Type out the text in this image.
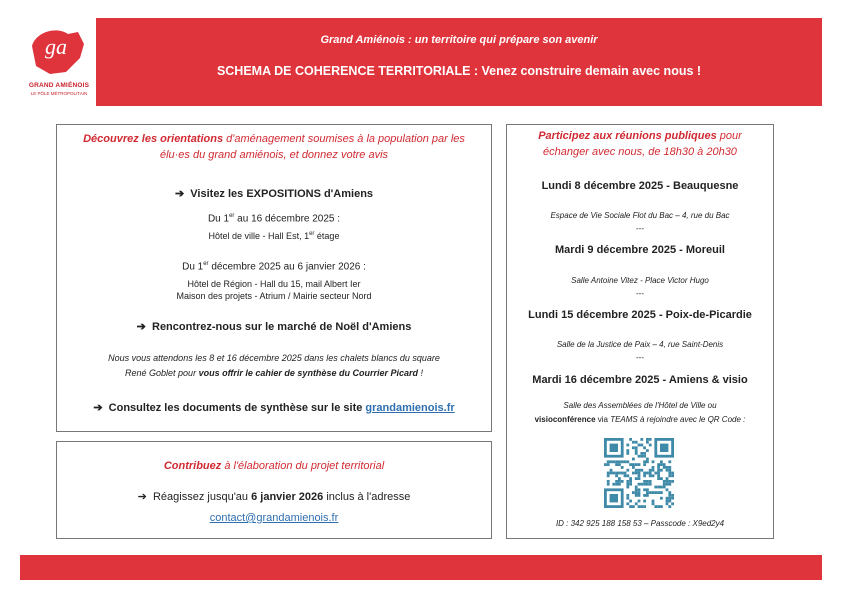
ga
GRAND AMIÉNOIS
LE PÔLE MÉTROPOLITAIN
Grand Amiénois : un territoire qui prépare son avenir
SCHEMA DE COHERENCE TERRITORIALE : Venez construire demain avec nous !
Découvrez les orientations d'aménagement soumises à la population par les
élu·es du grand amiénois, et donnez votre avis
➔ Visitez les EXPOSITIONS d'Amiens
Du 1er au 16 décembre 2025 :
Hôtel de ville - Hall Est, 1er étage
Du 1er décembre 2025 au 6 janvier 2026 :
Hôtel de Région - Hall du 15, mail Albert Ier
Maison des projets - Atrium / Mairie secteur Nord
➔ Rencontrez-nous sur le marché de Noël d'Amiens
Nous vous attendons les 8 et 16 décembre 2025 dans les chalets blancs du square
René Goblet pour vous offrir le cahier de synthèse du Courrier Picard !
➔ Consultez les documents de synthèse sur le site grandamienois.fr
Contribuez à l'élaboration du projet territorial
➔ Réagissez jusqu'au 6 janvier 2026 inclus à l'adresse
contact@grandamienois.fr
Participez aux réunions publiques pour
échanger avec nous, de 18h30 à 20h30
Lundi 8 décembre 2025 - Beauquesne
Espace de Vie Sociale Flot du Bac – 4, rue du Bac
---
Mardi 9 décembre 2025 - Moreuil
Salle Antoine Vitez - Place Victor Hugo
---
Lundi 15 décembre 2025 - Poix-de-Picardie
Salle de la Justice de Paix – 4, rue Saint-Denis
---
Mardi 16 décembre 2025 - Amiens & visio
Salle des Assemblées de l'Hôtel de Ville ou
visioconférence via TEAMS à rejoindre avec le QR Code :
ID : 342 925 188 158 53 – Passcode : X9ed2y4
